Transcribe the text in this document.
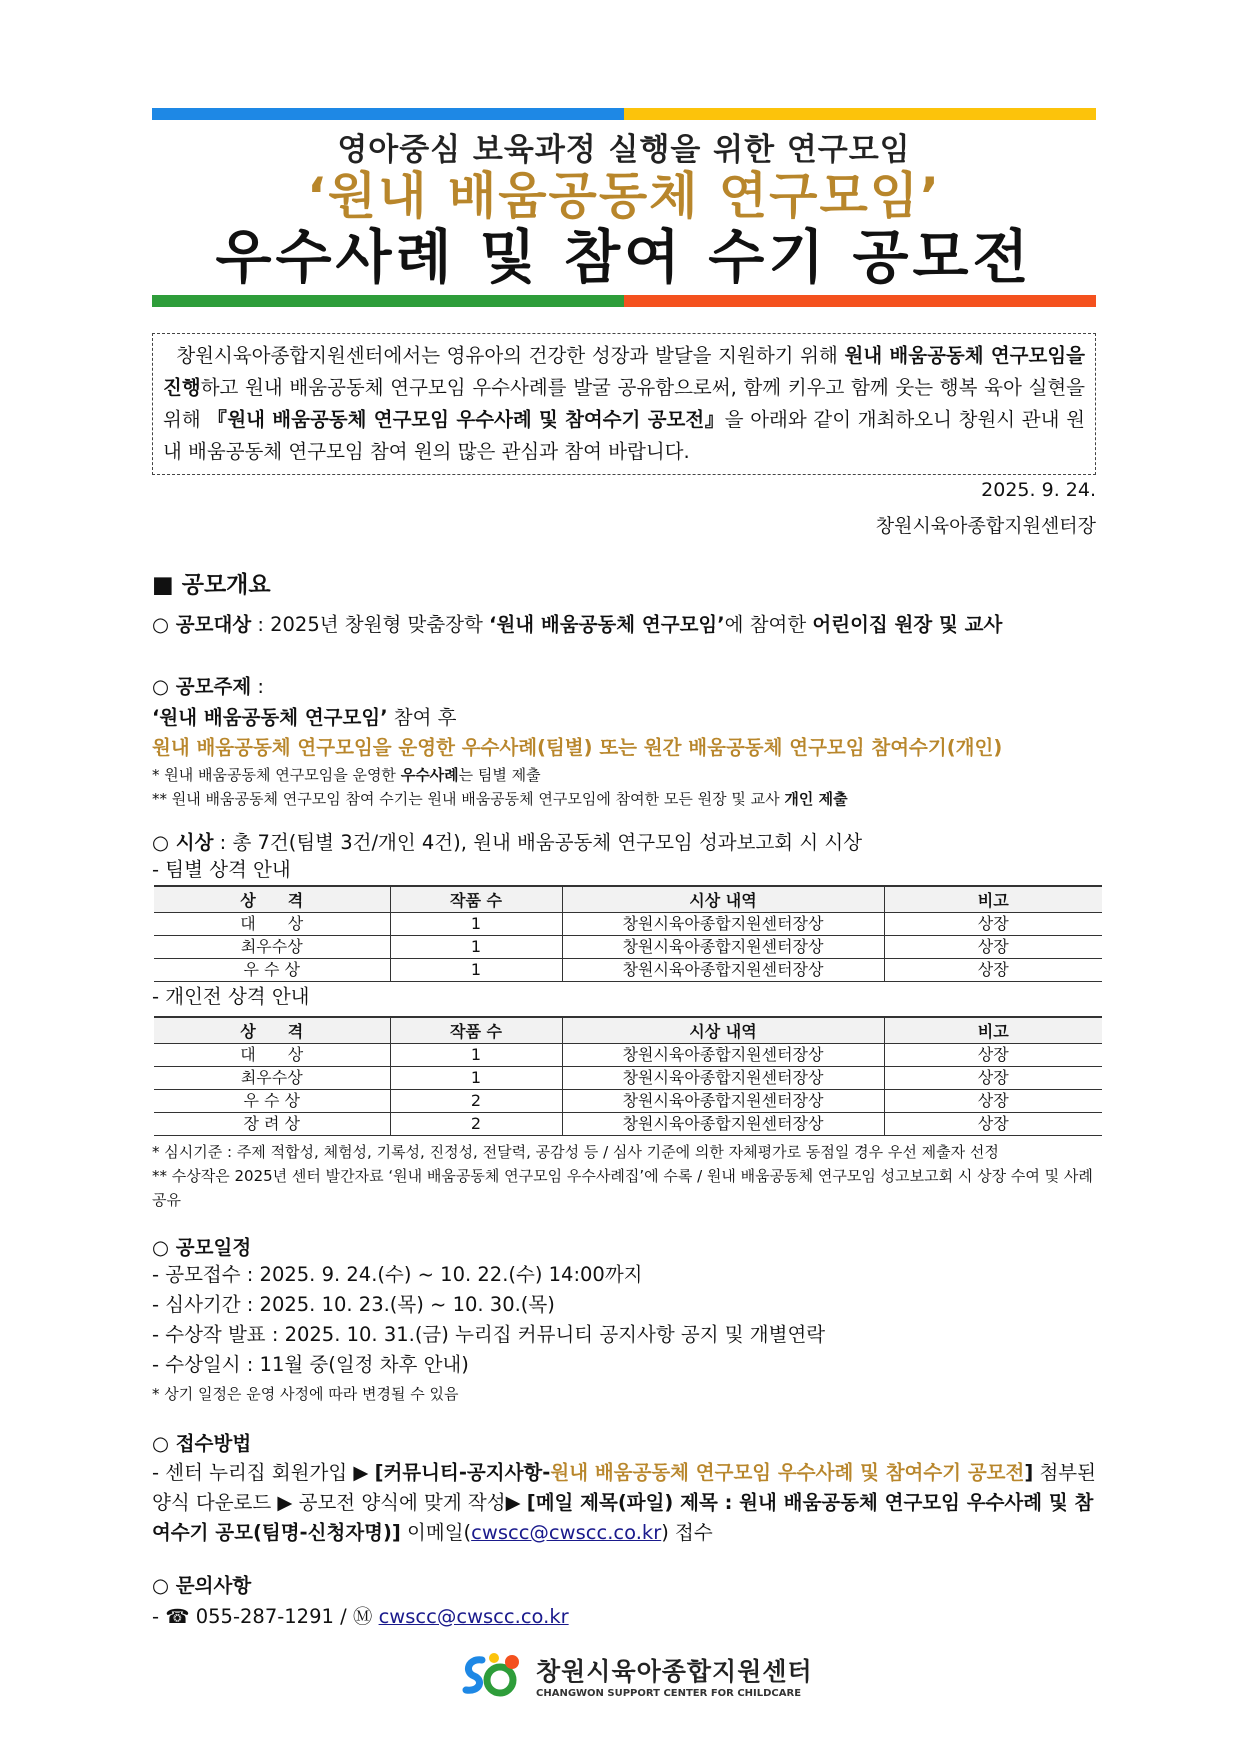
영아중심 보육과정 실행을 위한 연구모임
‘원내 배움공동체 연구모임’
우수사례 및 참여 수기 공모전
창원시육아종합지원센터에서는 영유아의 건강한 성장과 발달을 지원하기 위해 원내 배움공동체 연구모임을 진행하고 원내 배움공동체 연구모임 우수사례를 발굴 공유함으로써, 함께 키우고 함께 웃는 행복 육아 실현을 위해 『원내 배움공동체 연구모임 우수사례 및 참여수기 공모전』을 아래와 같이 개최하오니 창원시 관내 원내 배움공동체 연구모임 참여 원의 많은 관심과 참여 바랍니다.
2025. 9. 24.
창원시육아종합지원센터장
■ 공모개요
○ 공모대상 : 2025년 창원형 맞춤장학 ‘원내 배움공동체 연구모임’에 참여한 어린이집 원장 및 교사
○ 공모주제 :
‘원내 배움공동체 연구모임’ 참여 후
원내 배움공동체 연구모임을 운영한 우수사례(팀별) 또는 원간 배움공동체 연구모임 참여수기(개인)
* 원내 배움공동체 연구모임을 운영한 우수사례는 팀별 제출
** 원내 배움공동체 연구모임 참여 수기는 원내 배움공동체 연구모임에 참여한 모든 원장 및 교사 개인 제출
○ 시상 : 총 7건(팀별 3건/개인 4건), 원내 배움공동체 연구모임 성과보고회 시 시상
- 팀별 상격 안내
상　　격	작품 수	시상 내역	비고
대　　상	1	창원시육아종합지원센터장상	상장
최우수상	1	창원시육아종합지원센터장상	상장
우 수 상	1	창원시육아종합지원센터장상	상장
- 개인전 상격 안내
상　　격	작품 수	시상 내역	비고
대　　상	1	창원시육아종합지원센터장상	상장
최우수상	1	창원시육아종합지원센터장상	상장
우 수 상	2	창원시육아종합지원센터장상	상장
장 려 상	2	창원시육아종합지원센터장상	상장
* 심시기준 : 주제 적합성, 체험성, 기록성, 진정성, 전달력, 공감성 등 / 심사 기준에 의한 자체평가로 동점일 경우 우선 제출자 선정
** 수상작은 2025년 센터 발간자료 ‘원내 배움공동체 연구모임 우수사례집’에 수록 / 원내 배움공동체 연구모임 성고보고회 시 상장 수여 및 사례 공유
○ 공모일정
- 공모접수 : 2025. 9. 24.(수) ~ 10. 22.(수) 14:00까지
- 심사기간 : 2025. 10. 23.(목) ~ 10. 30.(목)
- 수상작 발표 : 2025. 10. 31.(금) 누리집 커뮤니티 공지사항 공지 및 개별연락
- 수상일시 : 11월 중(일정 차후 안내)
* 상기 일정은 운영 사정에 따라 변경될 수 있음
○ 접수방법
- 센터 누리집 회원가입 ▶ [커뮤니티-공지사항-원내 배움공동체 연구모임 우수사례 및 참여수기 공모전] 첨부된 양식 다운로드 ▶ 공모전 양식에 맞게 작성▶ [메일 제목(파일) 제목 : 원내 배움공동체 연구모임 우수사례 및 참여수기 공모(팀명-신청자명)] 이메일(cwscc@cwscc.co.kr) 접수
○ 문의사항
- ☎ 055-287-1291 / Ⓜ cwscc@cwscc.co.kr
창원시육아종합지원센터
CHANGWON SUPPORT CENTER FOR CHILDCARE
